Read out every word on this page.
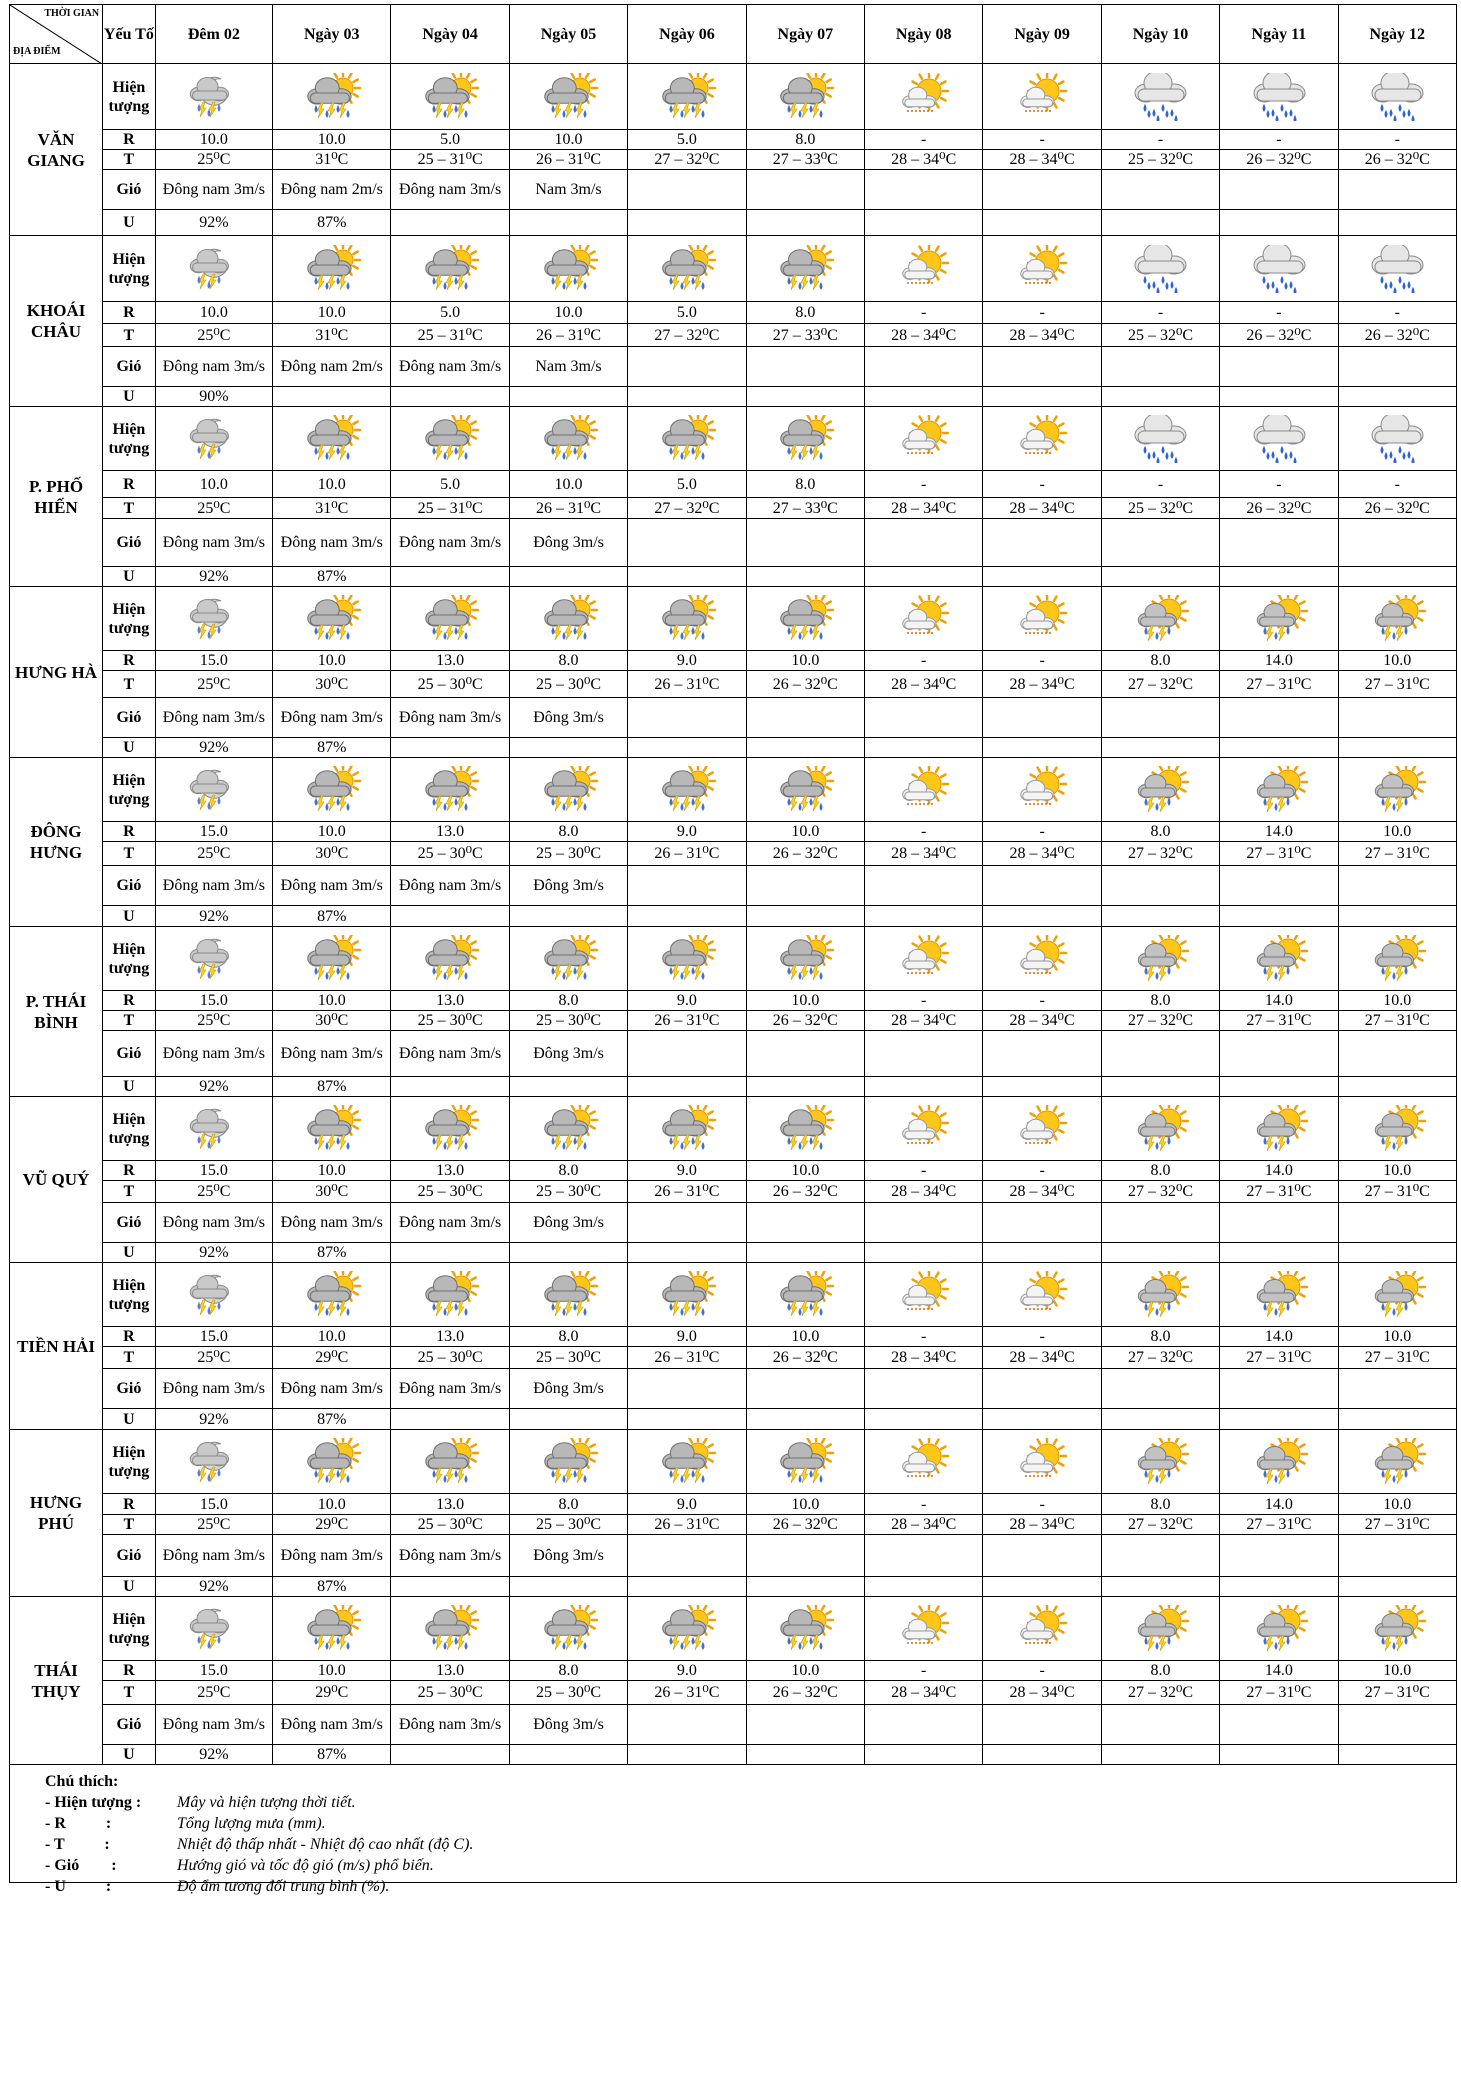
THỜI GIAN
ĐỊA ĐIỂM	Yếu Tố	Đêm 02	Ngày 03	Ngày 04	Ngày 05	Ngày 06	Ngày 07	Ngày 08	Ngày 09	Ngày 10	Ngày 11	Ngày 12
VĂN GIANG	Hiện tượng	

	R	10.0	10.0	5.0	10.0	5.0	8.0	-	-	-	-	-
	T	25⁰C	31⁰C	25 – 31⁰C	26 – 31⁰C	27 – 32⁰C	27 – 33⁰C	28 – 34⁰C	28 – 34⁰C	25 – 32⁰C	26 – 32⁰C	26 – 32⁰C
	Gió	Đông nam 3m/s	Đông nam 2m/s	Đông nam 3m/s	Nam 3m/s							
	U	92%	87%									
KHOÁI CHÂU	Hiện tượng	

	R	10.0	10.0	5.0	10.0	5.0	8.0	-	-	-	-	-
	T	25⁰C	31⁰C	25 – 31⁰C	26 – 31⁰C	27 – 32⁰C	27 – 33⁰C	28 – 34⁰C	28 – 34⁰C	25 – 32⁰C	26 – 32⁰C	26 – 32⁰C
	Gió	Đông nam 3m/s	Đông nam 2m/s	Đông nam 3m/s	Nam 3m/s							
	U	90%										
P. PHỐ HIẾN	Hiện tượng	

	R	10.0	10.0	5.0	10.0	5.0	8.0	-	-	-	-	-
	T	25⁰C	31⁰C	25 – 31⁰C	26 – 31⁰C	27 – 32⁰C	27 – 33⁰C	28 – 34⁰C	28 – 34⁰C	25 – 32⁰C	26 – 32⁰C	26 – 32⁰C
	Gió	Đông nam 3m/s	Đông nam 3m/s	Đông nam 3m/s	Đông 3m/s							
	U	92%	87%									
HƯNG HÀ	Hiện tượng	

	R	15.0	10.0	13.0	8.0	9.0	10.0	-	-	8.0	14.0	10.0
	T	25⁰C	30⁰C	25 – 30⁰C	25 – 30⁰C	26 – 31⁰C	26 – 32⁰C	28 – 34⁰C	28 – 34⁰C	27 – 32⁰C	27 – 31⁰C	27 – 31⁰C
	Gió	Đông nam 3m/s	Đông nam 3m/s	Đông nam 3m/s	Đông 3m/s							
	U	92%	87%									
ĐÔNG HƯNG	Hiện tượng	

	R	15.0	10.0	13.0	8.0	9.0	10.0	-	-	8.0	14.0	10.0
	T	25⁰C	30⁰C	25 – 30⁰C	25 – 30⁰C	26 – 31⁰C	26 – 32⁰C	28 – 34⁰C	28 – 34⁰C	27 – 32⁰C	27 – 31⁰C	27 – 31⁰C
	Gió	Đông nam 3m/s	Đông nam 3m/s	Đông nam 3m/s	Đông 3m/s							
	U	92%	87%									
P. THÁI BÌNH	Hiện tượng	

	R	15.0	10.0	13.0	8.0	9.0	10.0	-	-	8.0	14.0	10.0
	T	25⁰C	30⁰C	25 – 30⁰C	25 – 30⁰C	26 – 31⁰C	26 – 32⁰C	28 – 34⁰C	28 – 34⁰C	27 – 32⁰C	27 – 31⁰C	27 – 31⁰C
	Gió	Đông nam 3m/s	Đông nam 3m/s	Đông nam 3m/s	Đông 3m/s							
	U	92%	87%									
VŨ QUÝ	Hiện tượng	

	R	15.0	10.0	13.0	8.0	9.0	10.0	-	-	8.0	14.0	10.0
	T	25⁰C	30⁰C	25 – 30⁰C	25 – 30⁰C	26 – 31⁰C	26 – 32⁰C	28 – 34⁰C	28 – 34⁰C	27 – 32⁰C	27 – 31⁰C	27 – 31⁰C
	Gió	Đông nam 3m/s	Đông nam 3m/s	Đông nam 3m/s	Đông 3m/s							
	U	92%	87%									
TIỀN HẢI	Hiện tượng	

	R	15.0	10.0	13.0	8.0	9.0	10.0	-	-	8.0	14.0	10.0
	T	25⁰C	29⁰C	25 – 30⁰C	25 – 30⁰C	26 – 31⁰C	26 – 32⁰C	28 – 34⁰C	28 – 34⁰C	27 – 32⁰C	27 – 31⁰C	27 – 31⁰C
	Gió	Đông nam 3m/s	Đông nam 3m/s	Đông nam 3m/s	Đông 3m/s							
	U	92%	87%									
HƯNG PHÚ	Hiện tượng	

	R	15.0	10.0	13.0	8.0	9.0	10.0	-	-	8.0	14.0	10.0
	T	25⁰C	29⁰C	25 – 30⁰C	25 – 30⁰C	26 – 31⁰C	26 – 32⁰C	28 – 34⁰C	28 – 34⁰C	27 – 32⁰C	27 – 31⁰C	27 – 31⁰C
	Gió	Đông nam 3m/s	Đông nam 3m/s	Đông nam 3m/s	Đông 3m/s							
	U	92%	87%									
THÁI THỤY	Hiện tượng	

	R	15.0	10.0	13.0	8.0	9.0	10.0	-	-	8.0	14.0	10.0
	T	25⁰C	29⁰C	25 – 30⁰C	25 – 30⁰C	26 – 31⁰C	26 – 32⁰C	28 – 34⁰C	28 – 34⁰C	27 – 32⁰C	27 – 31⁰C	27 – 31⁰C
	Gió	Đông nam 3m/s	Đông nam 3m/s	Đông nam 3m/s	Đông 3m/s							
	U	92%	87%									
Chú thích:
- Hiện tượng :	Mây và hiện tượng thời tiết.
- R          :	Tổng lượng mưa (mm).
- T          :	Nhiệt độ thấp nhất - Nhiệt độ cao nhất (độ C).
- Gió        :	Hướng gió và tốc độ gió (m/s) phổ biến.
- U          :	Độ ẩm tương đối trung bình (%).
